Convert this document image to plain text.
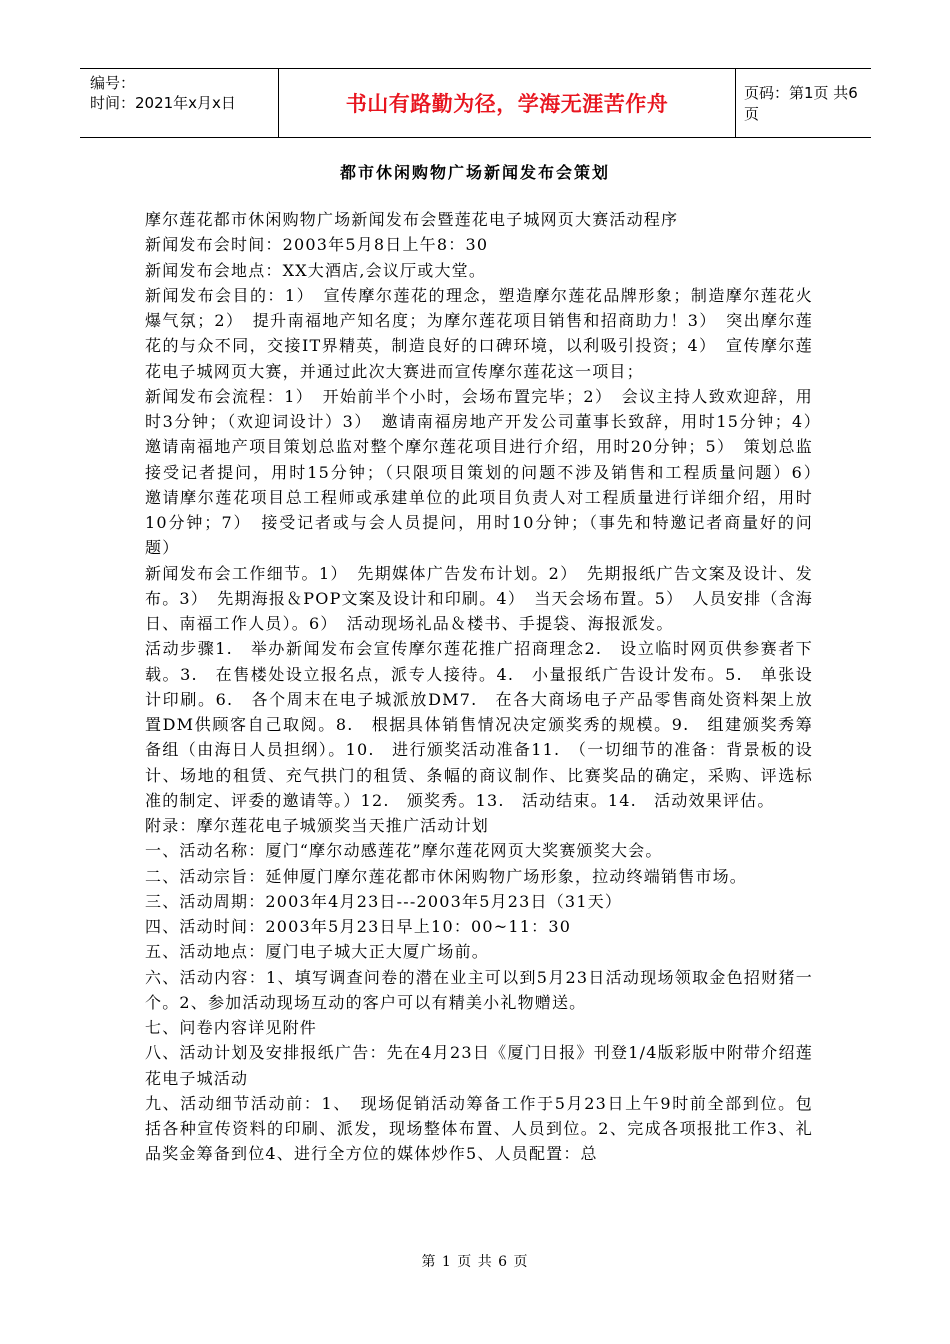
编号：
时间：2021年x月x日	书山有路勤为径，学海无涯苦作舟	页码：第1页 共6页
都市休闲购物广场新闻发布会策划

摩尔莲花都市休闲购物广场新闻发布会暨莲花电子城网页大赛活动程序

新闻发布会时间：2003年5月8日上午8：30

新闻发布会地点：XX大酒店,会议厅或大堂。

新闻发布会目的：1）　宣传摩尔莲花的理念，塑造摩尔莲花品牌形象；制造摩尔莲花火爆气氛；2）　提升南福地产知名度；为摩尔莲花项目销售和招商助力！3）　突出摩尔莲花的与众不同，交接IT界精英，制造良好的口碑环境，以利吸引投资；4）　宣传摩尔莲花电子城网页大赛，并通过此次大赛进而宣传摩尔莲花这一项目；

新闻发布会流程：1）　开始前半个小时，会场布置完毕；2）　会议主持人致欢迎辞，用时3分钟；（欢迎词设计）3）　邀请南福房地产开发公司董事长致辞，用时15分钟；4）　邀请南福地产项目策划总监对整个摩尔莲花项目进行介绍，用时20分钟；5）　策划总监接受记者提问，用时15分钟；（只限项目策划的问题不涉及销售和工程质量问题）6）　邀请摩尔莲花项目总工程师或承建单位的此项目负责人对工程质量进行详细介绍，用时10分钟；7）　接受记者或与会人员提问，用时10分钟；（事先和特邀记者商量好的问题）

新闻发布会工作细节。1）　先期媒体广告发布计划。2）　先期报纸广告文案及设计、发布。3）　先期海报＆POP文案及设计和印刷。4）　当天会场布置。5）　人员安排（含海日、南福工作人员）。6）　活动现场礼品＆楼书、手提袋、海报派发。

活动步骤1.　举办新闻发布会宣传摩尔莲花推广招商理念2.　设立临时网页供参赛者下载。3.　在售楼处设立报名点，派专人接待。4.　小量报纸广告设计发布。5.　单张设计印刷。6.　各个周末在电子城派放DM7.　在各大商场电子产品零售商处资料架上放置DM供顾客自己取阅。8.　根据具体销售情况决定颁奖秀的规模。9.　组建颁奖秀筹备组（由海日人员担纲）。10.　进行颁奖活动准备11.　（一切细节的准备：背景板的设计、场地的租赁、充气拱门的租赁、条幅的商议制作、比赛奖品的确定，采购、评选标准的制定、评委的邀请等。）12.　颁奖秀。13.　活动结束。14.　活动效果评估。

附录：摩尔莲花电子城颁奖当天推广活动计划

一、活动名称：厦门“摩尔动感莲花”摩尔莲花网页大奖赛颁奖大会。

二、活动宗旨：延伸厦门摩尔莲花都市休闲购物广场形象，拉动终端销售市场。

三、活动周期：2003年4月23日---2003年5月23日（31天）

四、活动时间：2003年5月23日早上10：00~11：30

五、活动地点：厦门电子城大正大厦广场前。

六、活动内容：1、填写调查问卷的潜在业主可以到5月23日活动现场领取金色招财猪一个。2、参加活动现场互动的客户可以有精美小礼物赠送。

七、问卷内容详见附件

八、活动计划及安排报纸广告：先在4月23日《厦门日报》刊登1/4版彩版中附带介绍莲花电子城活动

九、活动细节活动前：1、　现场促销活动筹备工作于5月23日上午9时前全部到位。包括各种宣传资料的印刷、派发，现场整体布置、人员到位。2、完成各项报批工作3、礼品奖金筹备到位4、进行全方位的媒体炒作5、人员配置：总

第 1 页 共 6 页
